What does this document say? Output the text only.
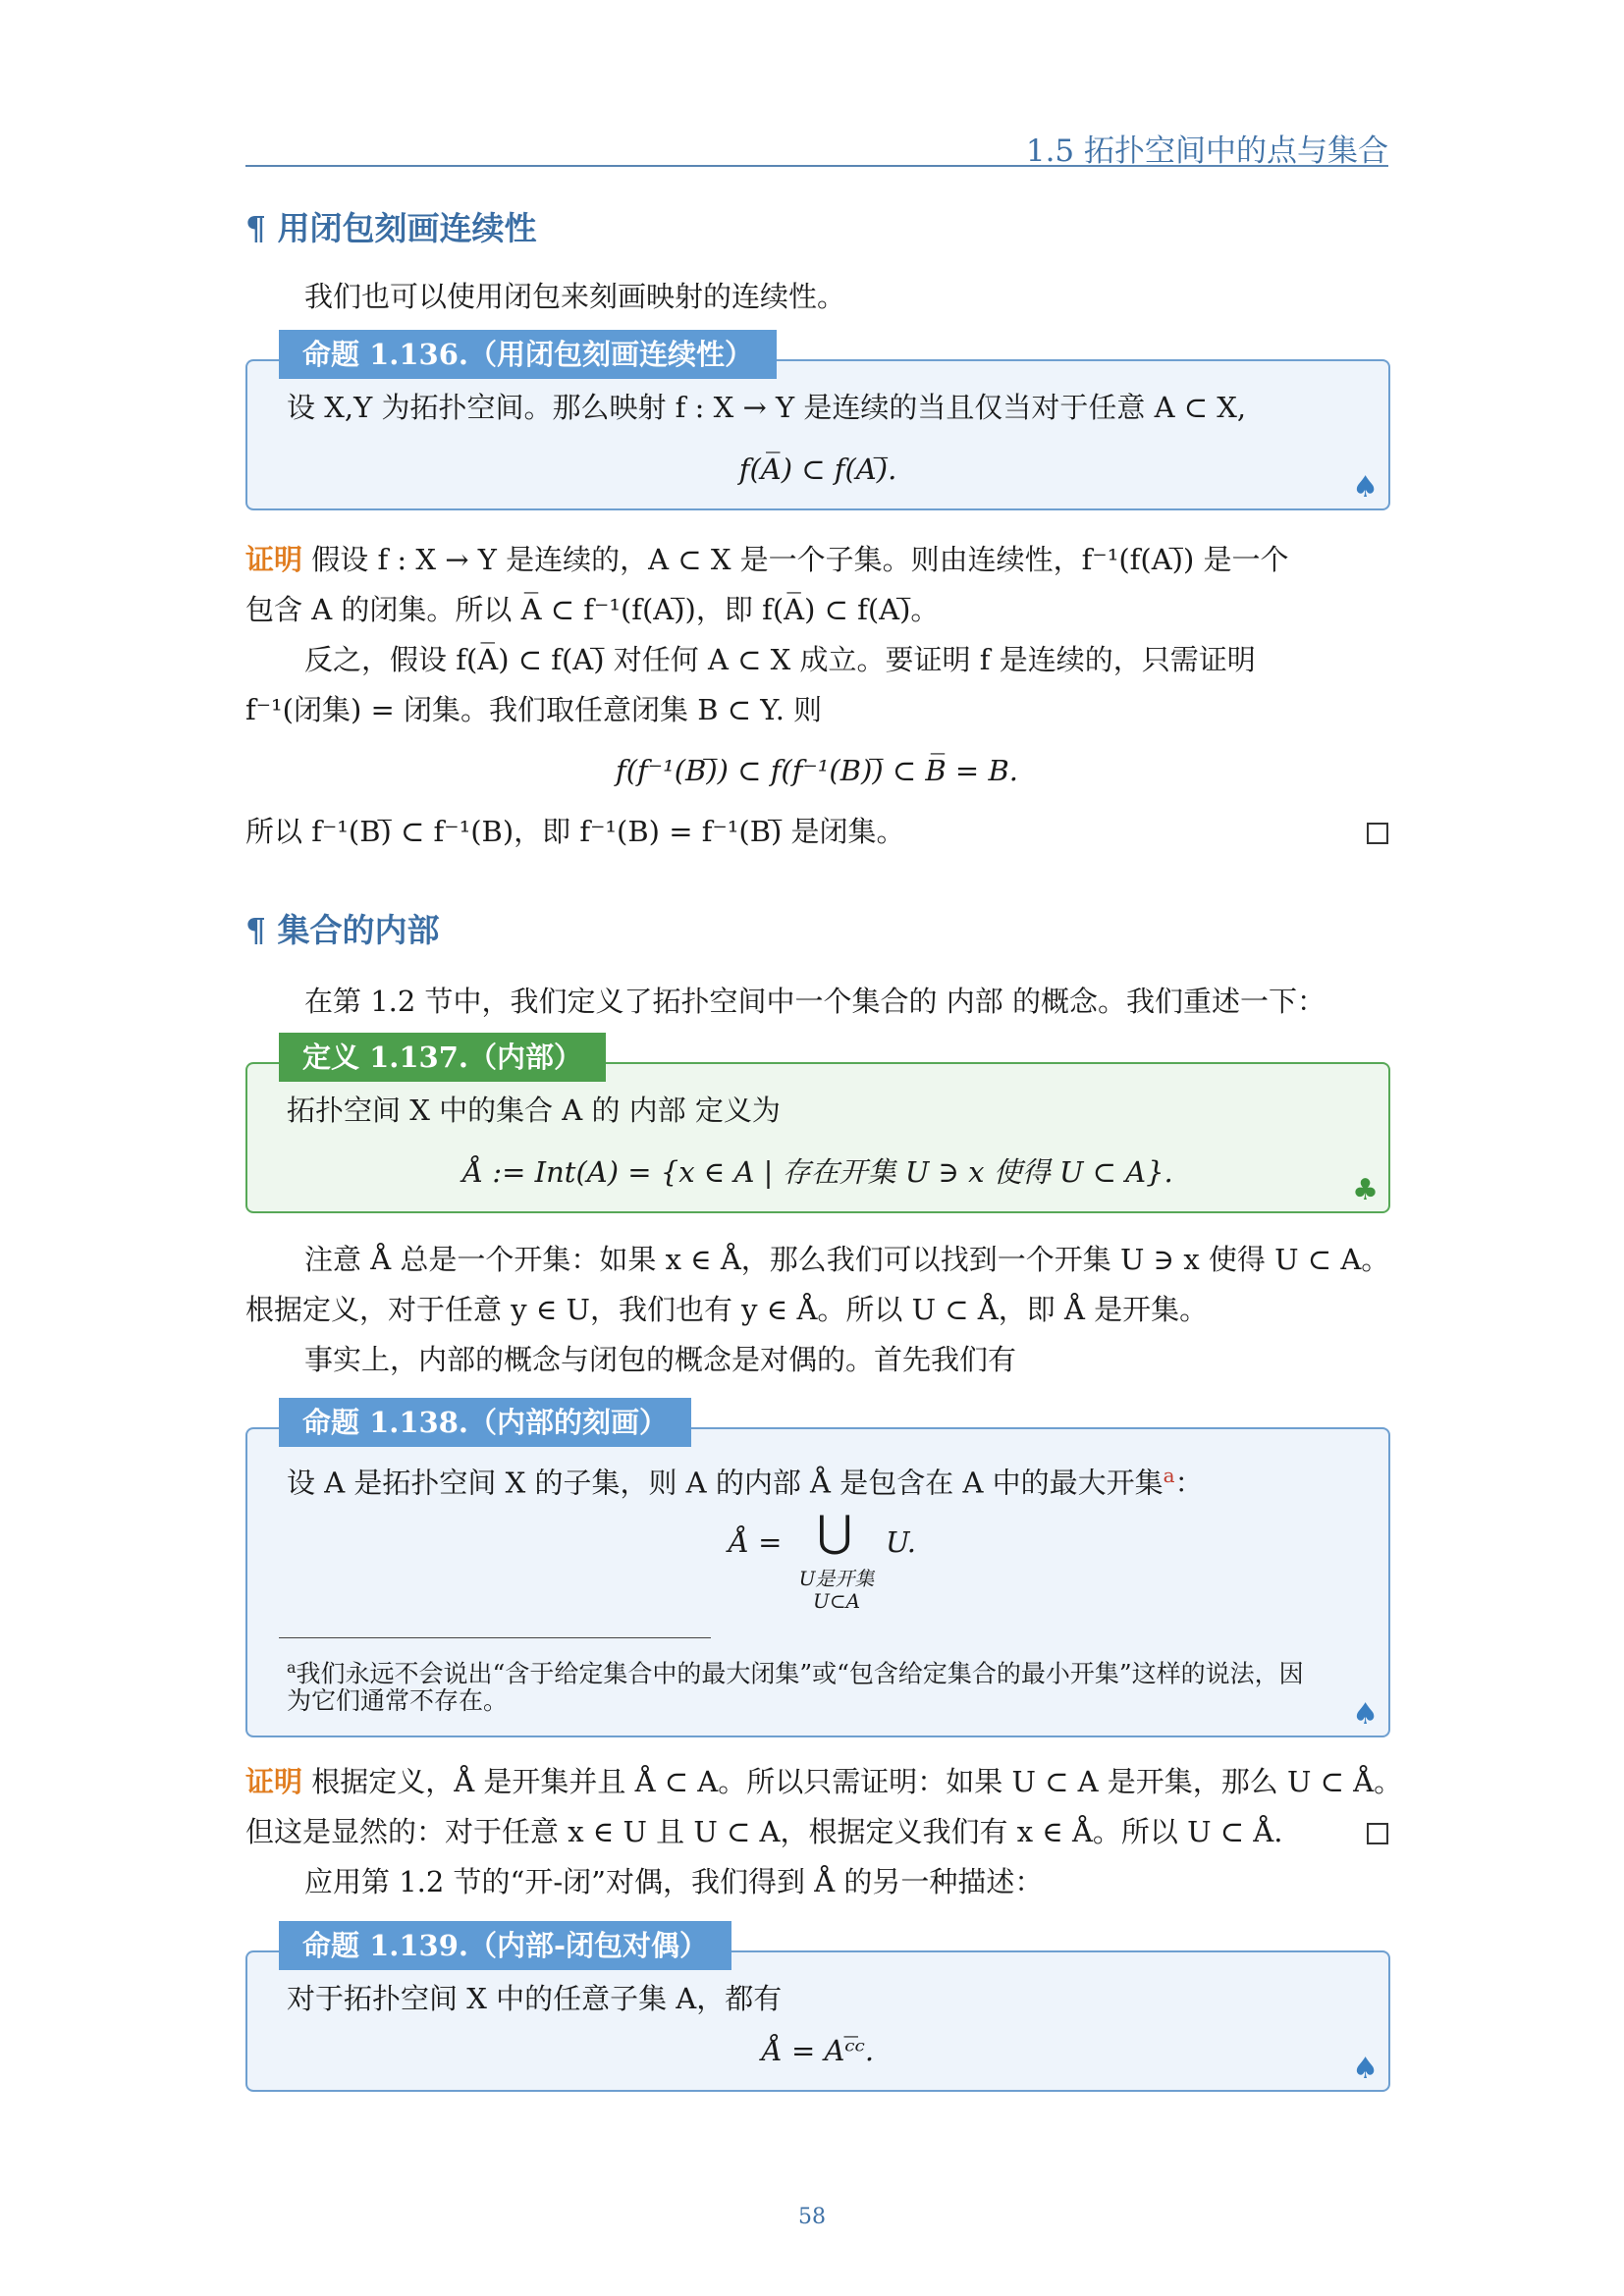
1.5 拓扑空间中的点与集合
¶ 用闭包刻画连续性
我们也可以使用闭包来刻画映射的连续性。
命题 1.136.（用闭包刻画连续性）
设 X,Y 为拓扑空间。那么映射 f : X → Y 是连续的当且仅当对于任意 A ⊂ X,
f(A̅) ⊂ f(A)̅.
♠
证明 假设 f : X → Y 是连续的，A ⊂ X 是一个子集。则由连续性，f⁻¹(f(A)̅) 是一个
包含 A 的闭集。所以 A̅ ⊂ f⁻¹(f(A)̅)，即 f(A̅) ⊂ f(A)̅。
反之，假设 f(A̅) ⊂ f(A)̅ 对任何 A ⊂ X 成立。要证明 f 是连续的，只需证明
f⁻¹(闭集) = 闭集。我们取任意闭集 B ⊂ Y. 则
f(f⁻¹(B)̅) ⊂ f(f⁻¹(B))̅ ⊂ B̅ = B.
所以 f⁻¹(B)̅ ⊂ f⁻¹(B)，即 f⁻¹(B) = f⁻¹(B)̅ 是闭集。
¶ 集合的内部
在第 1.2 节中，我们定义了拓扑空间中一个集合的 内部 的概念。我们重述一下：
定义 1.137.（内部）
拓扑空间 X 中的集合 A 的 内部 定义为
Å := Int(A) = {x ∈ A | 存在开集 U ∋ x 使得 U ⊂ A}.
♣
注意 Å 总是一个开集：如果 x ∈ Å，那么我们可以找到一个开集 U ∋ x 使得 U ⊂ A。
根据定义，对于任意 y ∈ U，我们也有 y ∈ Å。所以 U ⊂ Å，即 Å 是开集。
事实上，内部的概念与闭包的概念是对偶的。首先我们有
命题 1.138.（内部的刻画）
设 A 是拓扑空间 X 的子集，则 A 的内部 Å 是包含在 A 中的最大开集$^a$：
Å = ⋃ U.
U是开集
U⊂A
$^a$我们永远不会说出“含于给定集合中的最大闭集”或“包含给定集合的最小开集”这样的说法，因
为它们通常不存在。	♠
证明 根据定义，Å 是开集并且 Å ⊂ A。所以只需证明：如果 U ⊂ A 是开集，那么 U ⊂ Å。
但这是显然的：对于任意 x ∈ U 且 U ⊂ A，根据定义我们有 x ∈ Å。所以 U ⊂ Å.
应用第 1.2 节的“开-闭”对偶，我们得到 Å 的另一种描述：
命题 1.139.（内部-闭包对偶）
对于拓扑空间 X 中的任意子集 A，都有
Å = Aᶜ̅ᶜ.
♠
58
